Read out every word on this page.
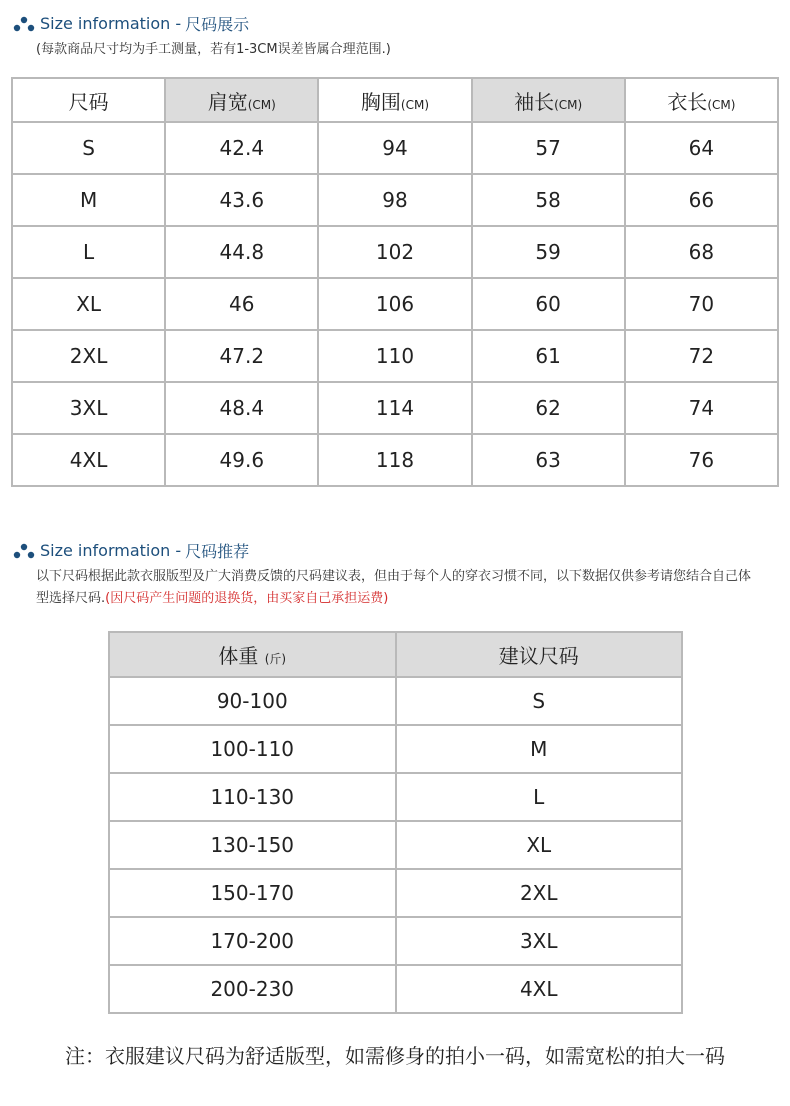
Size information - 尺码展示
(每款商品尺寸均为手工测量，若有1-3CM误差皆属合理范围.)
尺码	肩宽(CM)	胸围(CM)	袖长(CM)	衣长(CM)
S	42.4	94	57	64
M	43.6	98	58	66
L	44.8	102	59	68
XL	46	106	60	70
2XL	47.2	110	61	72
3XL	48.4	114	62	74
4XL	49.6	118	63	76
Size information - 尺码推荐
以下尺码根据此款衣服版型及广大消费反馈的尺码建议表，但由于每个人的穿衣习惯不同，以下数据仅供参考请您结合自己体型选择尺码.(因尺码产生问题的退换货，由买家自己承担运费)
体重 (斤)	建议尺码
90-100	S
100-110	M
110-130	L
130-150	XL
150-170	2XL
170-200	3XL
200-230	4XL
注：衣服建议尺码为舒适版型，如需修身的拍小一码，如需宽松的拍大一码
